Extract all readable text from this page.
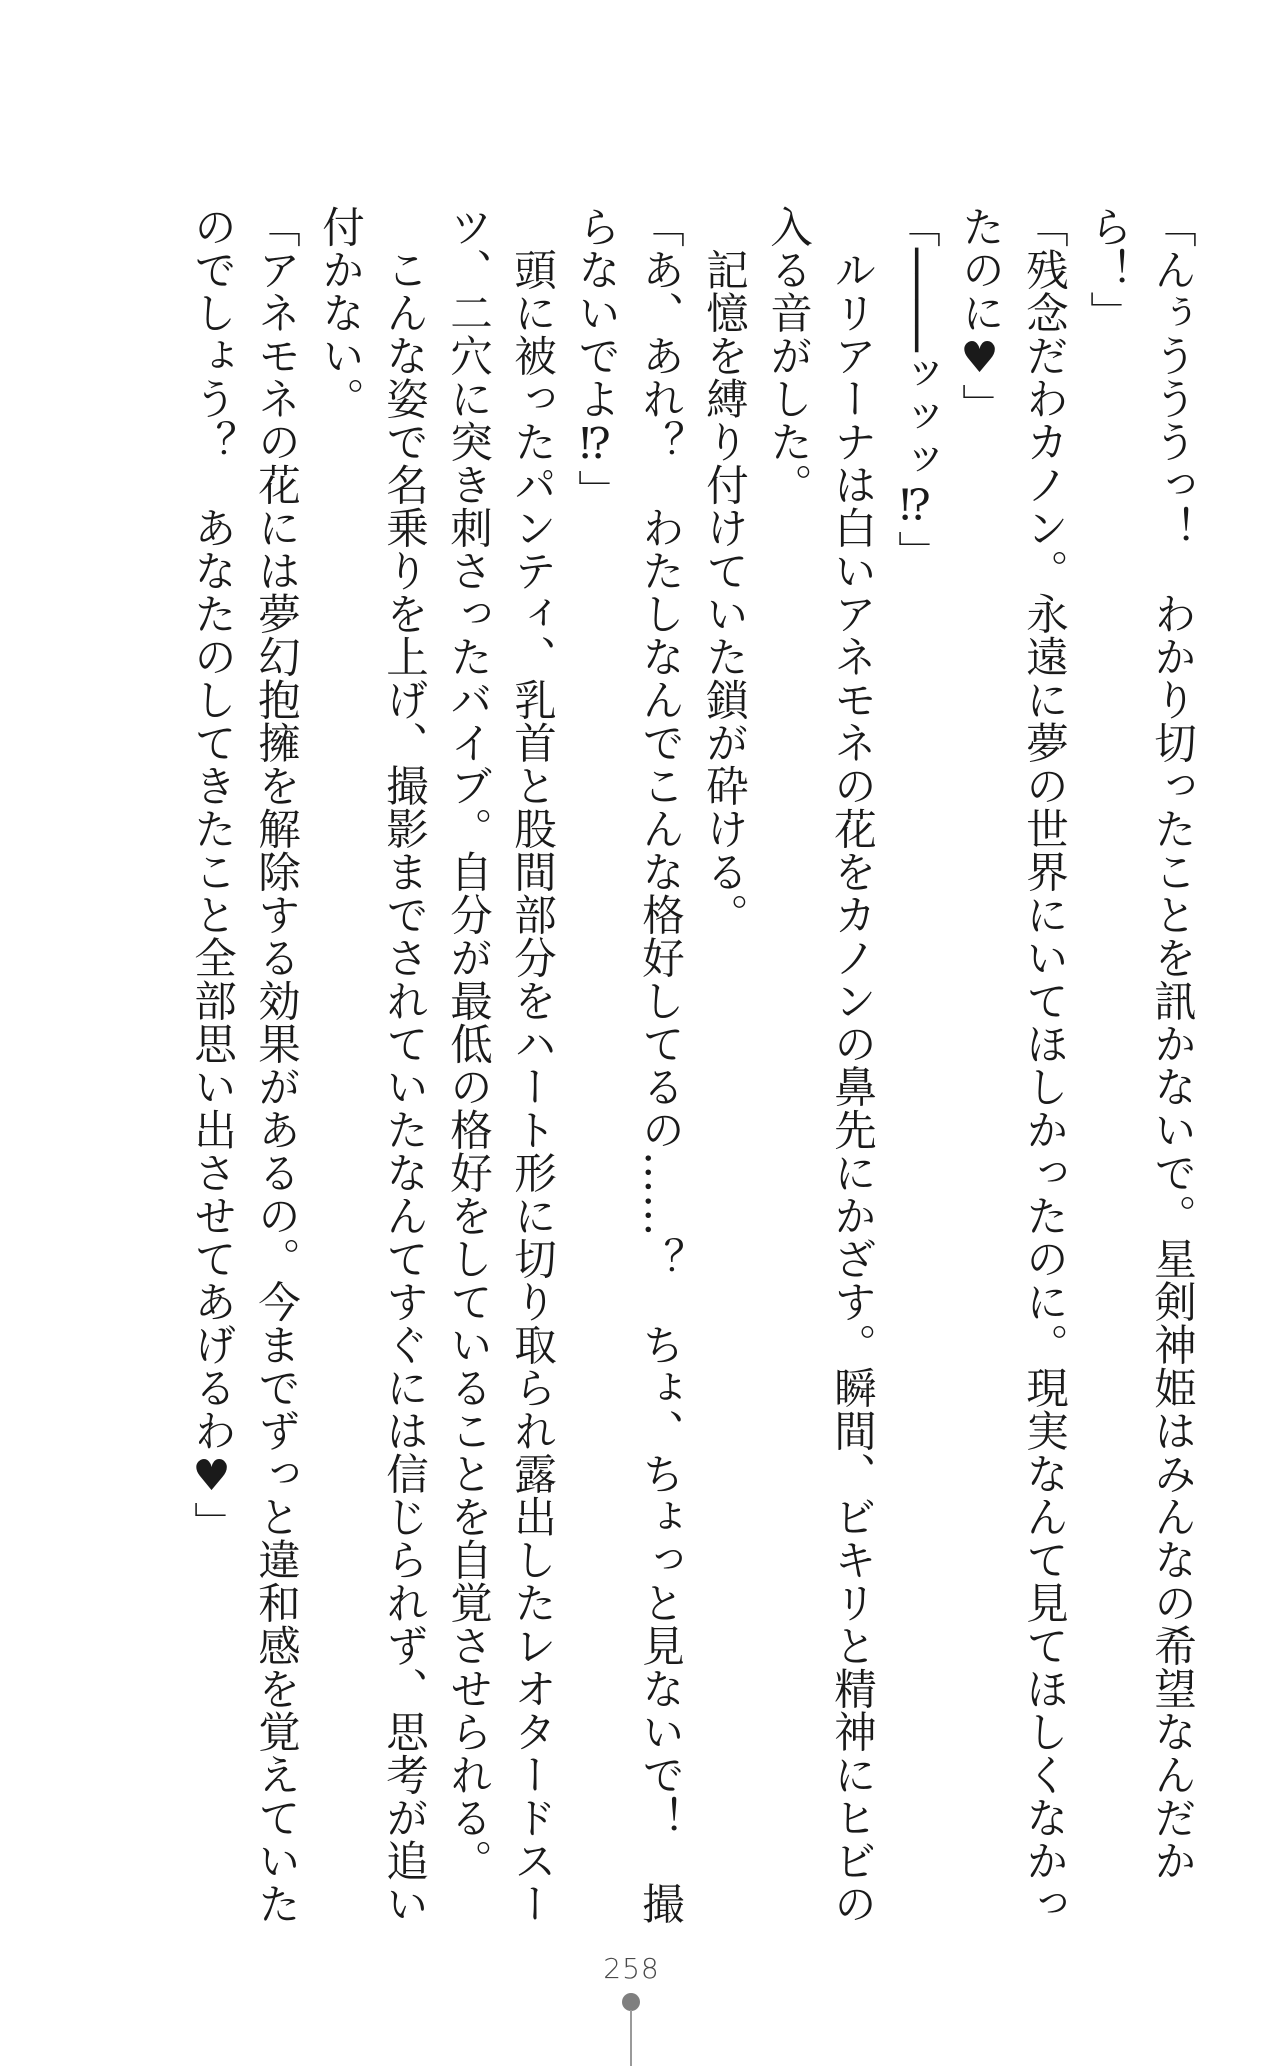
「んぅうううっ！　わかり切ったことを訊かないで。星剣神姫はみんなの希望なんだか
ら！」
「残念だわカノン。永遠に夢の世界にいてほしかったのに。現実なんて見てほしくなかっ
たのに♥」
「────ッッッ⁉」
　ルリアーナは白いアネモネの花をカノンの鼻先にかざす。瞬間、ビキリと精神にヒビの
入る音がした。
　記憶を縛り付けていた鎖が砕ける。
「あ、あれ？　わたしなんでこんな格好してるの……？　ちょ、ちょっと見ないで！　撮
らないでよ⁉」
　頭に被ったパンティ、乳首と股間部分をハート形に切り取られ露出したレオタードスー
ツ、二穴に突き刺さったバイブ。自分が最低の格好をしていることを自覚させられる。
　こんな姿で名乗りを上げ、撮影までされていたなんてすぐには信じられず、思考が追い
付かない。
「アネモネの花には夢幻抱擁を解除する効果があるの。今までずっと違和感を覚えていた
のでしょう？　あなたのしてきたこと全部思い出させてあげるわ♥」
258
